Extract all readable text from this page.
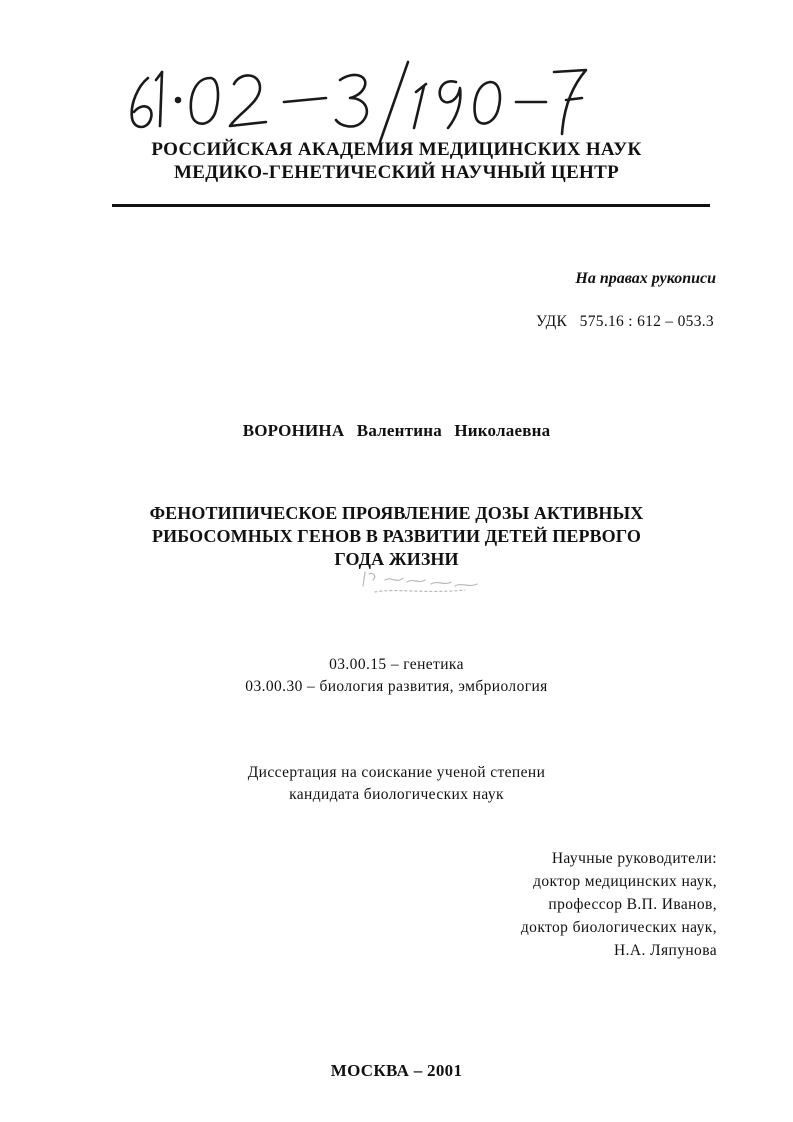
РОССИЙСКАЯ АКАДЕМИЯ МЕДИЦИНСКИХ НАУК
МЕДИКО-ГЕНЕТИЧЕСКИЙ НАУЧНЫЙ ЦЕНТР
На правах рукописи
УДК   575.16 : 612 – 053.3
ВОРОНИНА Валентина Николаевна
ФЕНОТИПИЧЕСКОЕ ПРОЯВЛЕНИЕ ДОЗЫ АКТИВНЫХ
РИБОСОМНЫХ ГЕНОВ В РАЗВИТИИ ДЕТЕЙ ПЕРВОГО
ГОДА ЖИЗНИ
03.00.15 – генетика
03.00.30 – биология развития, эмбриология
Диссертация на соискание ученой степени
кандидата биологических наук
Научные руководители:
доктор медицинских наук,
профессор В.П. Иванов,
доктор биологических наук,
Н.А. Ляпунова
МОСКВА – 2001
